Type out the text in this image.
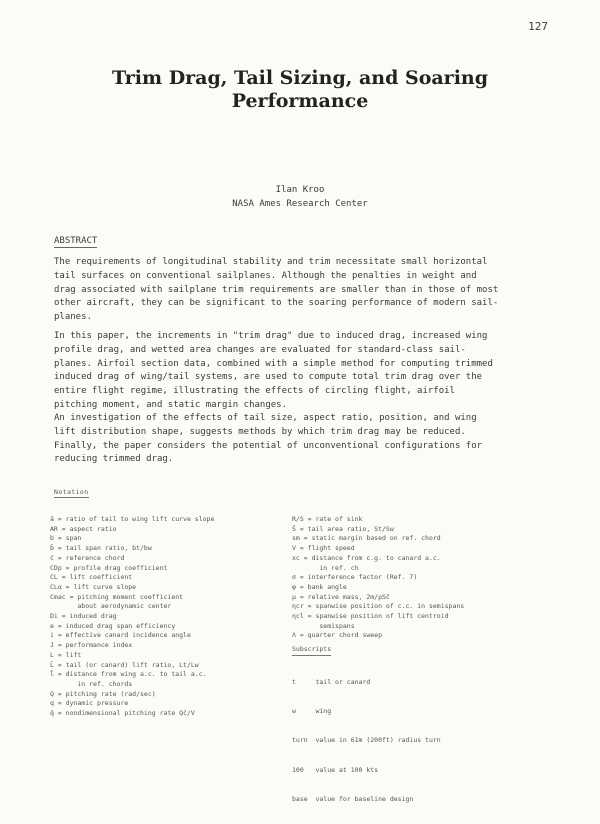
127
Trim Drag, Tail Sizing, and Soaring Performance
Ilan Kroo
NASA Ames Research Center
ABSTRACT
The requirements of longitudinal stability and trim necessitate small horizontal
tail surfaces on conventional sailplanes. Although the penalties in weight and
drag associated with sailplane trim requirements are smaller than in those of most
other aircraft, they can be significant to the soaring performance of modern sail-
planes.
In this paper, the increments in "trim drag" due to induced drag, increased wing
profile drag, and wetted area changes are evaluated for standard-class sail-
planes. Airfoil section data, combined with a simple method for computing trimmed
induced drag of wing/tail systems, are used to compute total trim drag over the
entire flight regime, illustrating the effects of circling flight, airfoil
pitching moment, and static margin changes.
An investigation of the effects of tail size, aspect ratio, position, and wing
lift distribution shape, suggests methods by which trim drag may be reduced.
Finally, the paper considers the potential of unconventional configurations for
reducing trimmed drag.
Notation
ā = ratio of tail to wing lift curve slope
AR = aspect ratio
b = span
b̄ = tail span ratio, bt/bw
c̄ = reference chord
CDp = profile drag coefficient
CL = lift coefficient
CLα = lift curve slope
Cmac = pitching moment coefficient
about aerodynamic center
Di = induced drag
e = induced drag span efficiency
i = effective canard incidence angle
J = performance index
L = lift
L̄ = tail (or canard) lift ratio, Lt/Lw
l̄ = distance from wing a.c. to tail a.c.
in ref. chords
Q = pitching rate (rad/sec)
q = dynamic pressure
q̄ = nondimensional pitching rate Qc̄/V
R/S = rate of sink
S̄ = tail area ratio, St/Sw
sm = static margin based on ref. chord
V = flight speed
xc = distance from c.g. to canard a.c.
in ref. ch
σ = interference factor (Ref. 7)
φ = bank angle
μ = relative mass, 2m/ρSc̄
ηcr = spanwise position of c.c. in semispans
ηcl = spanwise position of lift centroid
semispans
Λ = quarter chord sweep
Subscripts

t     tail or canard

w     wing

turn  value in 61m (200ft) radius turn

100   value at 100 kts

base  value for baseline design
